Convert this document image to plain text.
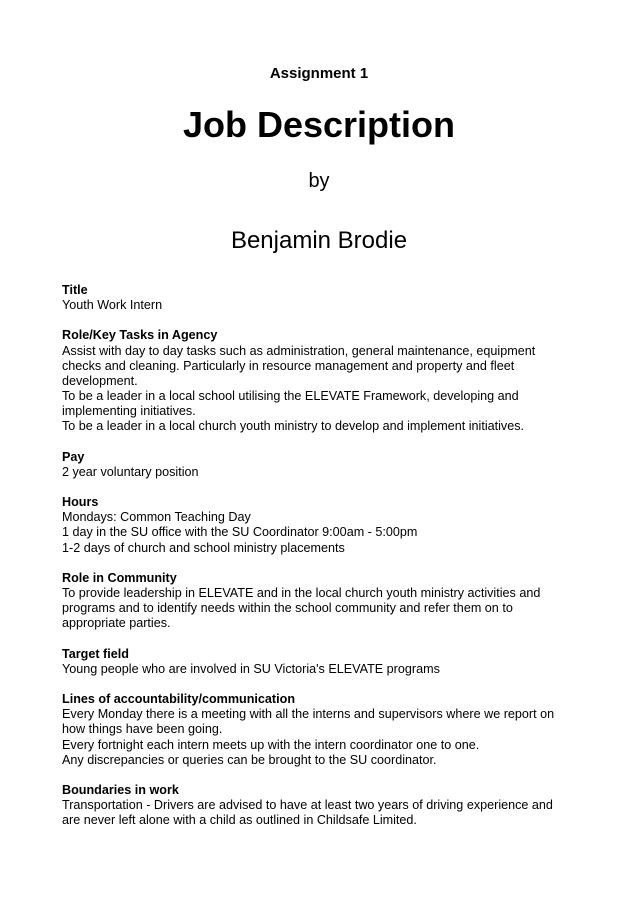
Assignment 1
Job Description
by
Benjamin Brodie
Title
Youth Work Intern
Role/Key Tasks in Agency
Assist with day to day tasks such as administration, general maintenance, equipment
checks and cleaning. Particularly in resource management and property and fleet
development.
To be a leader in a local school utilising the ELEVATE Framework, developing and
implementing initiatives.
To be a leader in a local church youth ministry to develop and implement initiatives.
Pay
2 year voluntary position
Hours
Mondays: Common Teaching Day
1 day in the SU office with the SU Coordinator 9:00am - 5:00pm
1-2 days of church and school ministry placements
Role in Community
To provide leadership in ELEVATE and in the local church youth ministry activities and
programs and to identify needs within the school community and refer them on to
appropriate parties.
Target field
Young people who are involved in SU Victoria's ELEVATE programs
Lines of accountability/communication
Every Monday there is a meeting with all the interns and supervisors where we report on
how things have been going.
Every fortnight each intern meets up with the intern coordinator one to one.
Any discrepancies or queries can be brought to the SU coordinator.
Boundaries in work
Transportation - Drivers are advised to have at least two years of driving experience and
are never left alone with a child as outlined in Childsafe Limited.
